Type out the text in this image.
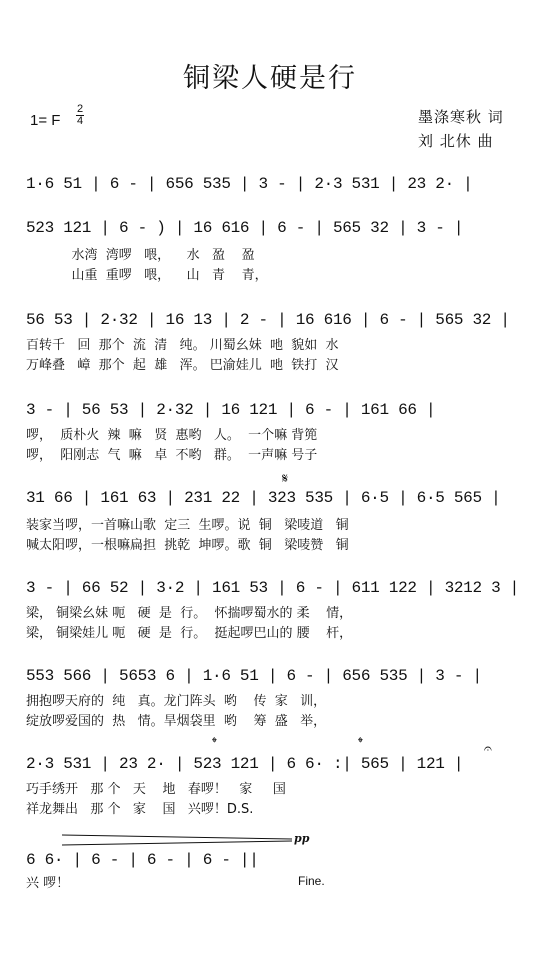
铜梁人硬是行
1= F
2
4	墨涤寒秋 词
刘 北休 曲
1·6 51 | 6 - | 656 535 | 3 - | 2·3 531 | 23 2· |
523 121 | 6 - ) | 16 616 | 6 - | 565 32 | 3 - |
水湾  湾啰   喂，    水   盈    盈
山重  重啰   喂，    山   青    青，
56 53 | 2·32 | 16 13 | 2 - | 16 616 | 6 - | 565 32 |
百转千   回  那个  流  清   纯。 川蜀幺妹  吔  貌如  水
万峰叠   嶂  那个  起  雄   浑。 巴渝娃儿  吔  铁打  汉
3 - | 56 53 | 2·32 | 16 121 | 6 - | 161 66 |
啰，  质朴火  辣  嘛   贤  惠哟   人。  一个嘛 背篼
啰，  阳刚志  气  嘛   卓  不哟   群。  一声嘛 号子
𝄋
31 66 | 161 63 | 231 22 | 323 535 | 6·5 | 6·5 565 |
装家当啰，一首嘛山歌  定三  生啰。说  铜   梁唛道   铜
喊太阳啰，一根嘛扁担  挑乾  坤啰。歌  铜   梁唛赞   铜
3 - | 66 52 | 3·2 | 161 53 | 6 - | 611 122 | 3212 3 |
梁， 铜梁幺妹 呃   硬  是  行。  怀揣啰蜀水的 柔    情，
梁， 铜梁娃儿 呃   硬  是  行。  挺起啰巴山的 腰    杆，
553 566 | 5653 6 | 1·6 51 | 6 - | 656 535 | 3 - |
拥抱啰天府的  纯   真。龙门阵头  哟    传  家   训，
绽放啰爱国的  热   情。旱烟袋里  哟    筹  盛   举，
𝄌	𝄌	𝄐
2·3 531 | 23 2· | 523 121 | 6 6· :| 565 | 121 |
巧手绣开   那 个   天    地   春啰！   家     国
祥龙舞出   那 个   家    国   兴啰！D.S.
pp
6 6· | 6 - | 6 - | 6 - ||
兴 啰！	Fine.
